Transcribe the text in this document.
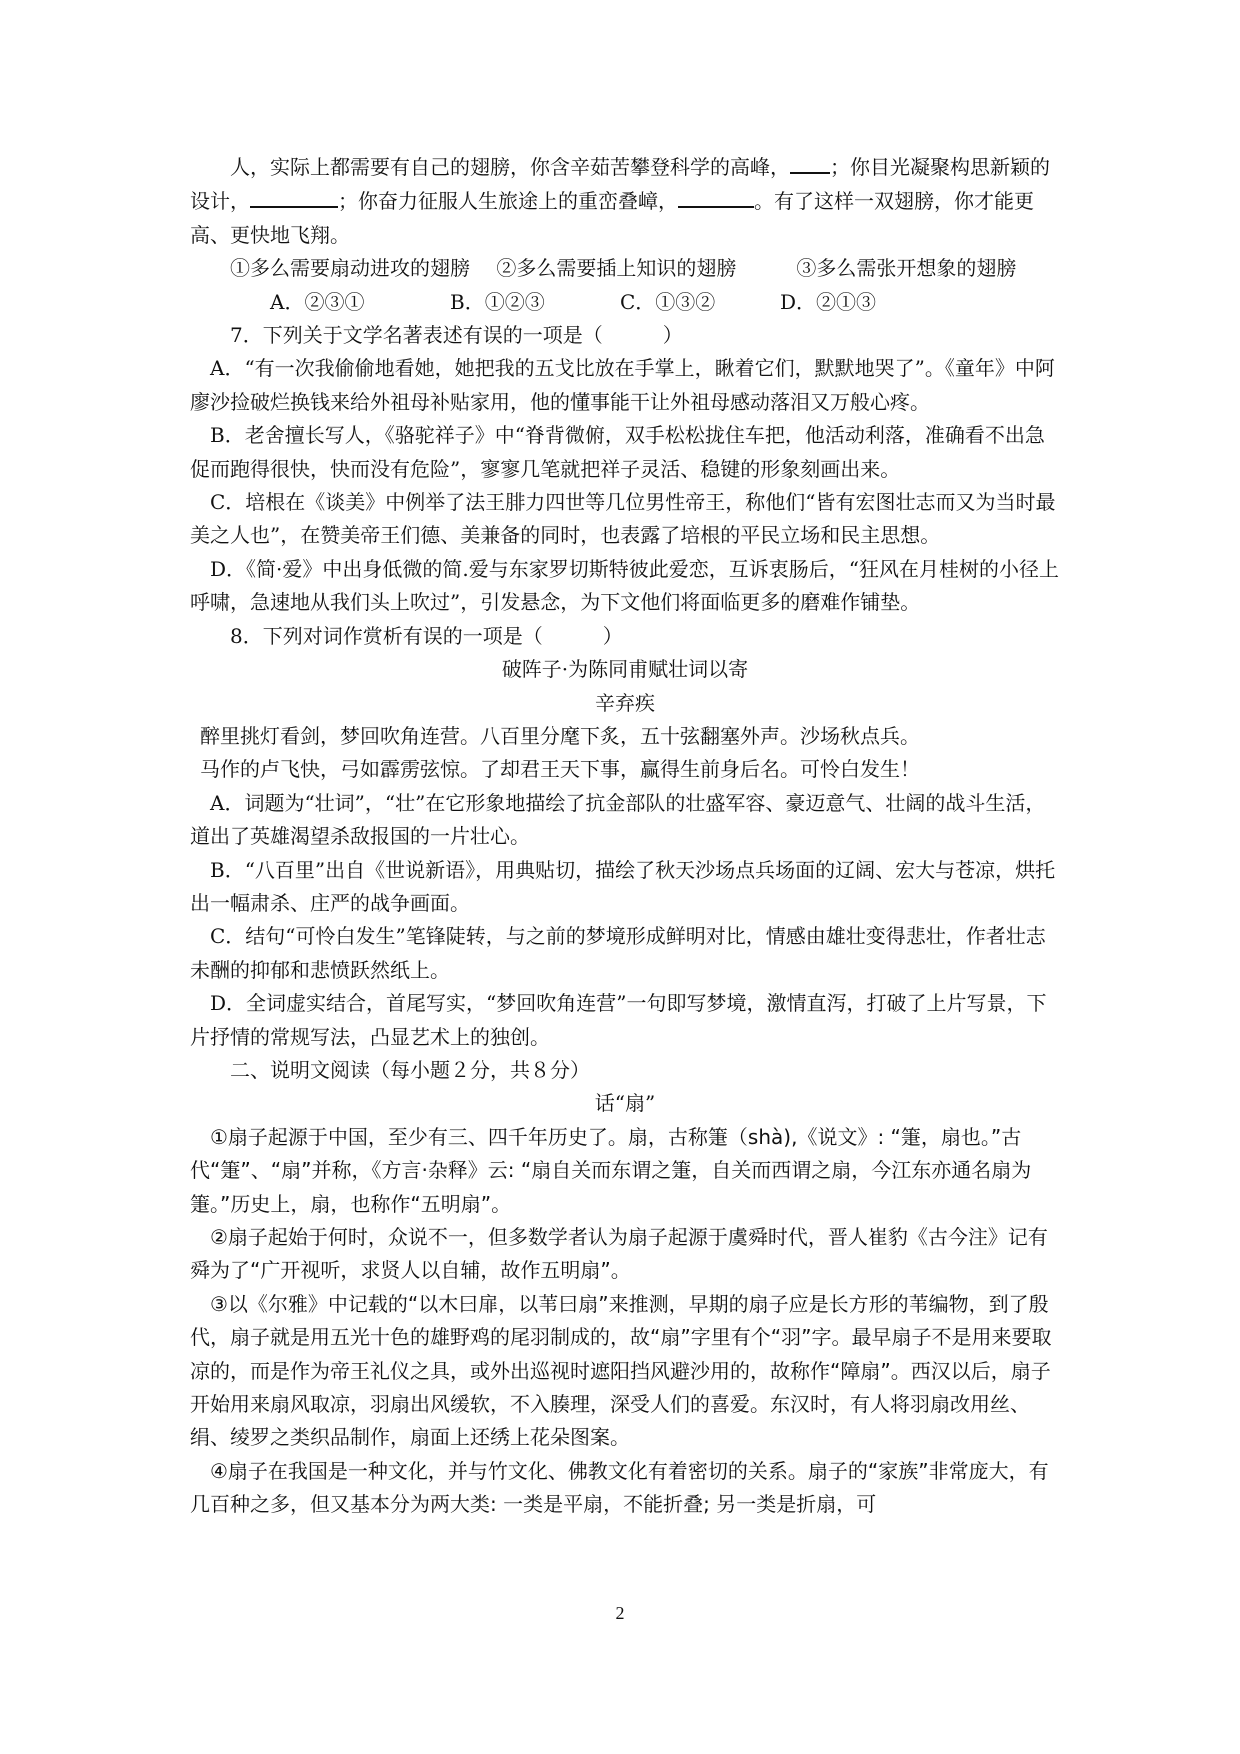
人，实际上都需要有自己的翅膀，你含辛茹苦攀登科学的高峰， ；你目光凝聚构思新颖的设计，	；你奋力征服人生旅途上的重峦叠嶂，	。有了这样一双翅膀，你才能更高、更快地飞翔。

①多么需要扇动进攻的翅膀　 ②多么需要插上知识的翅膀　　　③多么需张开想象的翅膀

A．②③①	B．①②③	C．①③②	D．②①③

7．下列关于文学名著表述有误的一项是（　　　）

A．“有一次我偷偷地看她，她把我的五戈比放在手掌上，瞅着它们，默默地哭了”。《童年》中阿廖沙捡破烂换钱来给外祖母补贴家用，他的懂事能干让外祖母感动落泪又万般心疼。

B．老舍擅长写人，《骆驼祥子》中“脊背微俯，双手松松拢住车把，他活动利落，准确看不出急促而跑得很快，快而没有危险”，寥寥几笔就把祥子灵活、稳键的形象刻画出来。

C．培根在《谈美》中例举了法王腓力四世等几位男性帝王，称他们“皆有宏图壮志而又为当时最美之人也”，在赞美帝王们德、美兼备的同时，也表露了培根的平民立场和民主思想。

D．《简·爱》中出身低微的简.爱与东家罗切斯特彼此爱恋，互诉衷肠后，“狂风在月桂树的小径上呼啸，急速地从我们头上吹过”，引发悬念，为下文他们将面临更多的磨难作铺垫。

8．下列对词作赏析有误的一项是（　　　）

破阵子·为陈同甫赋壮词以寄

辛弃疾

醉里挑灯看剑，梦回吹角连营。八百里分麾下炙，五十弦翻塞外声。沙场秋点兵。

马作的卢飞快，弓如霹雳弦惊。了却君王天下事，赢得生前身后名。可怜白发生！

A．词题为“壮词”，“壮”在它形象地描绘了抗金部队的壮盛军容、豪迈意气、壮阔的战斗生活，道出了英雄渴望杀敌报国的一片壮心。

B．“八百里”出自《世说新语》，用典贴切，描绘了秋天沙场点兵场面的辽阔、宏大与苍凉，烘托出一幅肃杀、庄严的战争画面。

C．结句“可怜白发生”笔锋陡转，与之前的梦境形成鲜明对比，情感由雄壮变得悲壮，作者壮志未酬的抑郁和悲愤跃然纸上。

D．全词虚实结合，首尾写实，“梦回吹角连营”一句即写梦境，激情直泻，打破了上片写景，下片抒情的常规写法，凸显艺术上的独创。

二、说明文阅读（每小题２分，共８分）

话“扇”

①扇子起源于中国，至少有三、四千年历史了。扇，古称箑（shà),《说文》: “箑，扇也。”古代“箑”、“扇”并称，《方言·杂释》云: “扇自关而东谓之箑，自关而西谓之扇，今江东亦通名扇为箑。”历史上，扇，也称作“五明扇”。

②扇子起始于何时，众说不一，但多数学者认为扇子起源于虞舜时代，晋人崔豹《古今注》记有舜为了“广开视听，求贤人以自辅，故作五明扇”。

③以《尔雅》中记载的“以木曰扉，以苇曰扇”来推测，早期的扇子应是长方形的苇编物，到了殷代，扇子就是用五光十色的雄野鸡的尾羽制成的，故“扇”字里有个“羽”字。最早扇子不是用来要取凉的，而是作为帝王礼仪之具，或外出巡视时遮阳挡风避沙用的，故称作“障扇”。西汉以后，扇子开始用来扇风取凉，羽扇出风缓软，不入腠理，深受人们的喜爱。东汉时，有人将羽扇改用丝、绢、绫罗之类织品制作，扇面上还绣上花朵图案。

④扇子在我国是一种文化，并与竹文化、佛教文化有着密切的关系。扇子的“家族”非常庞大，有几百种之多，但又基本分为两大类: 一类是平扇，不能折叠; 另一类是折扇，可

2
